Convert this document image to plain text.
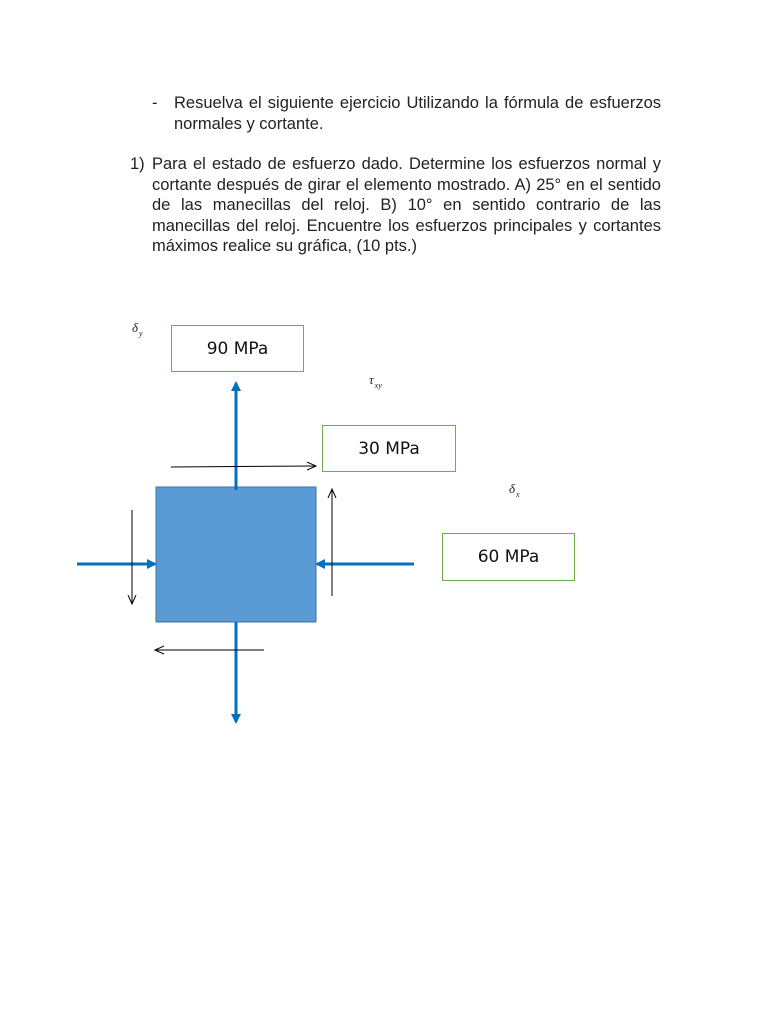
- Resuelva el siguiente ejercicio Utilizando la fórmula de esfuerzos normales y cortante.
1) Para el estado de esfuerzo dado. Determine los esfuerzos normal y cortante después de girar el elemento mostrado. A) 25° en el sentido de las manecillas del reloj. B) 10° en sentido contrario de las manecillas del reloj. Encuentre los esfuerzos principales y cortantes máximos realice su gráfica, (10 pts.)
$\delta_y$
$\tau_{xy}$
$\delta_x$
90 MPa
30 MPa
60 MPa
